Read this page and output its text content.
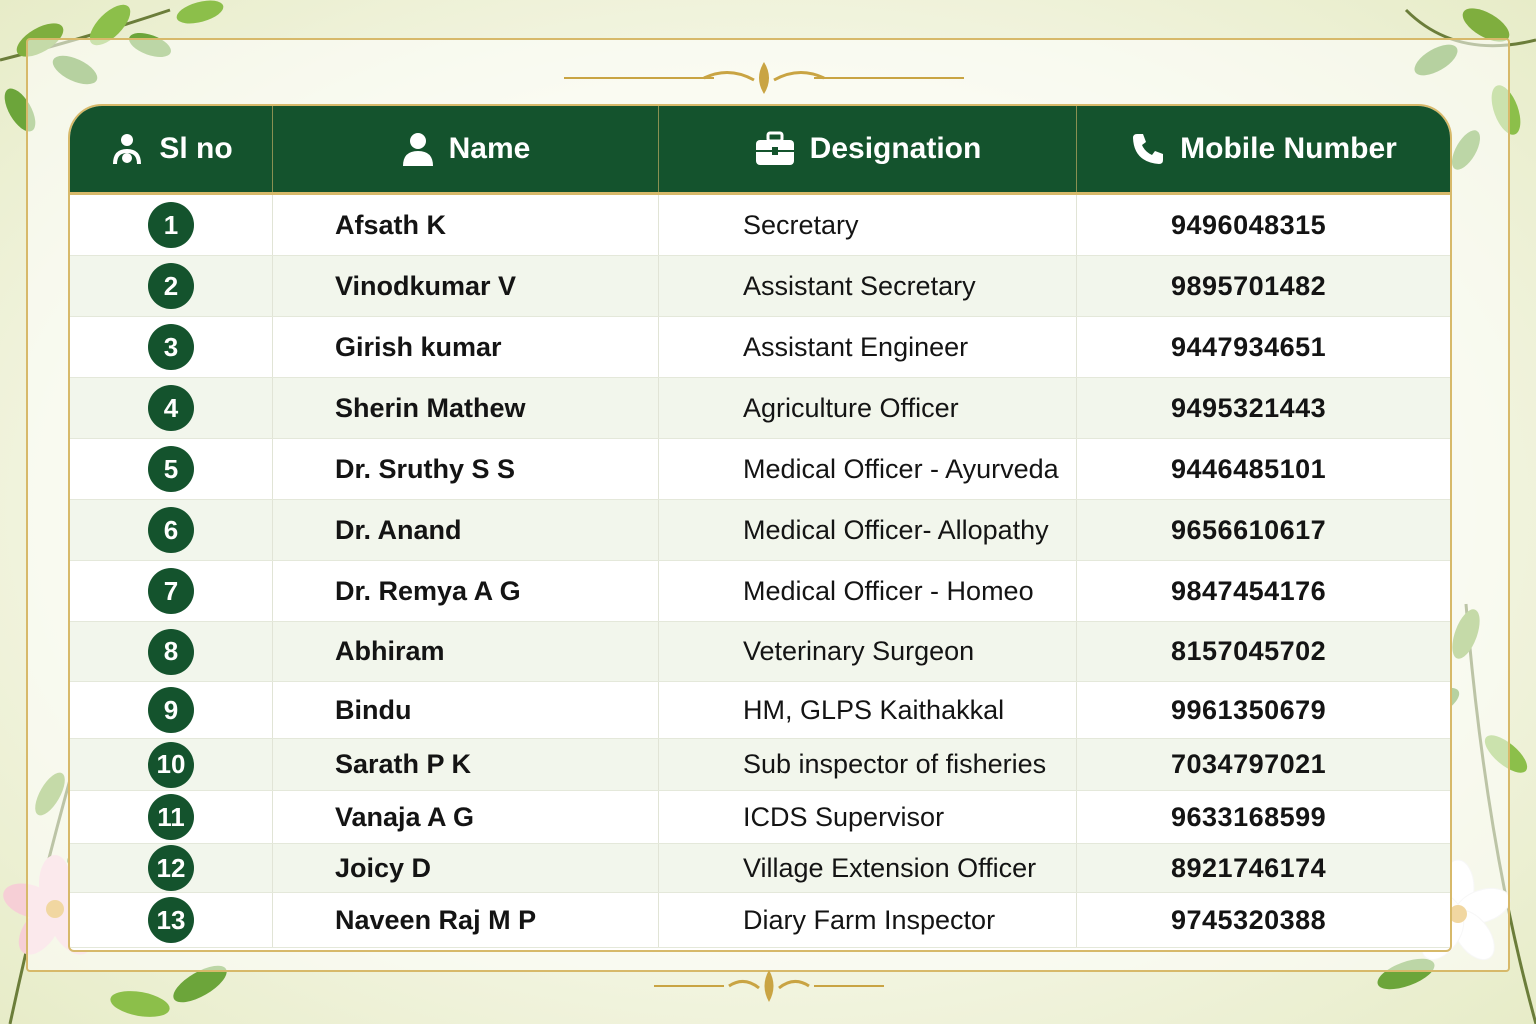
Sl no	Name	Designation	Mobile Number
1	Afsath K	Secretary	9496048315
2	Vinodkumar V	Assistant Secretary	9895701482
3	Girish kumar	Assistant Engineer	9447934651
4	Sherin Mathew	Agriculture Officer	9495321443
5	Dr. Sruthy S S	Medical Officer - Ayurveda	9446485101
6	Dr. Anand	Medical Officer- Allopathy	9656610617
7	Dr. Remya A G	Medical Officer - Homeo	9847454176
8	Abhiram	Veterinary Surgeon	8157045702
9	Bindu	HM, GLPS Kaithakkal	9961350679
10	Sarath P K	Sub inspector of fisheries	7034797021
11	Vanaja A G	ICDS Supervisor	9633168599
12	Joicy D	Village Extension Officer	8921746174
13	Naveen Raj M P	Diary Farm Inspector	9745320388
